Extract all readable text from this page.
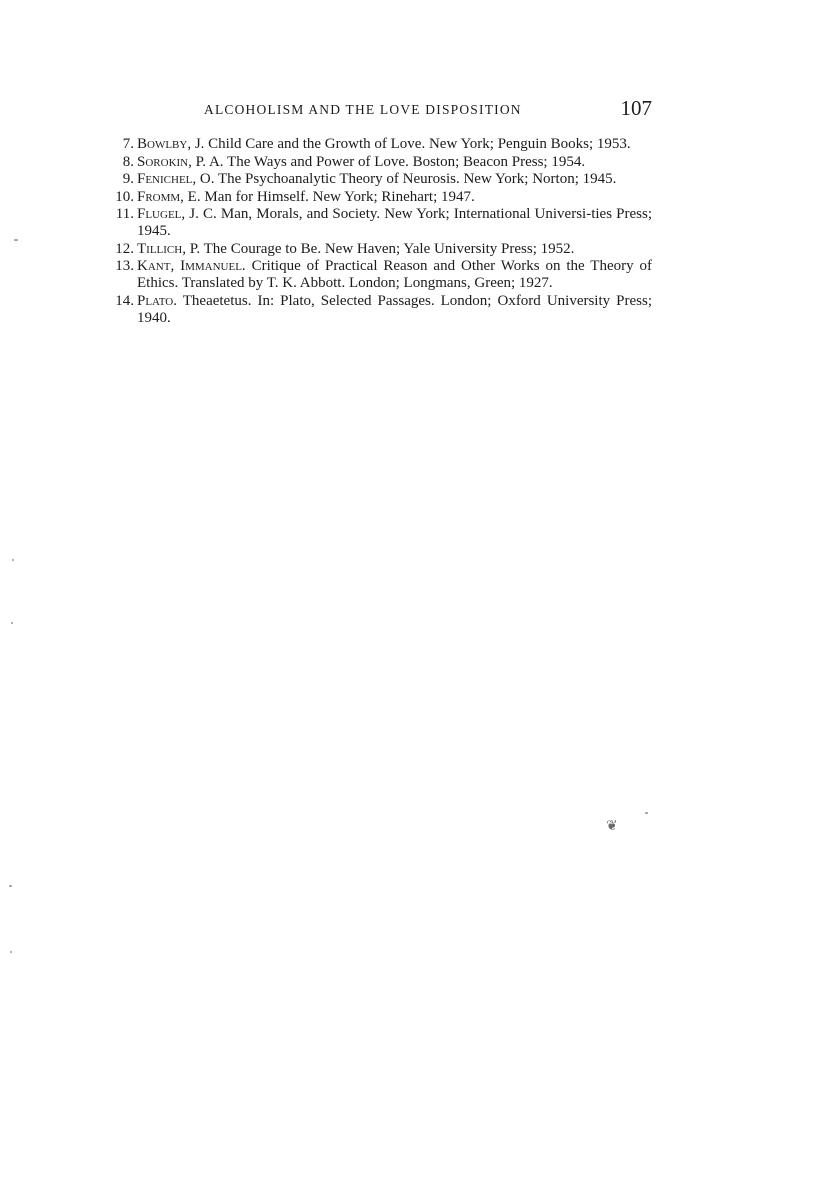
ALCOHOLISM AND THE LOVE DISPOSITION	107
7. Bowlby, J. Child Care and the Growth of Love. New York; Penguin Books; 1953.
8. Sorokin, P. A. The Ways and Power of Love. Boston; Beacon Press; 1954.
9. Fenichel, O. The Psychoanalytic Theory of Neurosis. New York; Norton; 1945.
10. Fromm, E. Man for Himself. New York; Rinehart; 1947.
11. Flugel, J. C. Man, Morals, and Society. New York; International Universi-ties Press; 1945.
12. Tillich, P. The Courage to Be. New Haven; Yale University Press; 1952.
13. Kant, Immanuel. Critique of Practical Reason and Other Works on the Theory of Ethics. Translated by T. K. Abbott. London; Longmans, Green; 1927.
14. Plato. Theaetetus. In: Plato, Selected Passages. London; Oxford University Press; 1940.
❦
